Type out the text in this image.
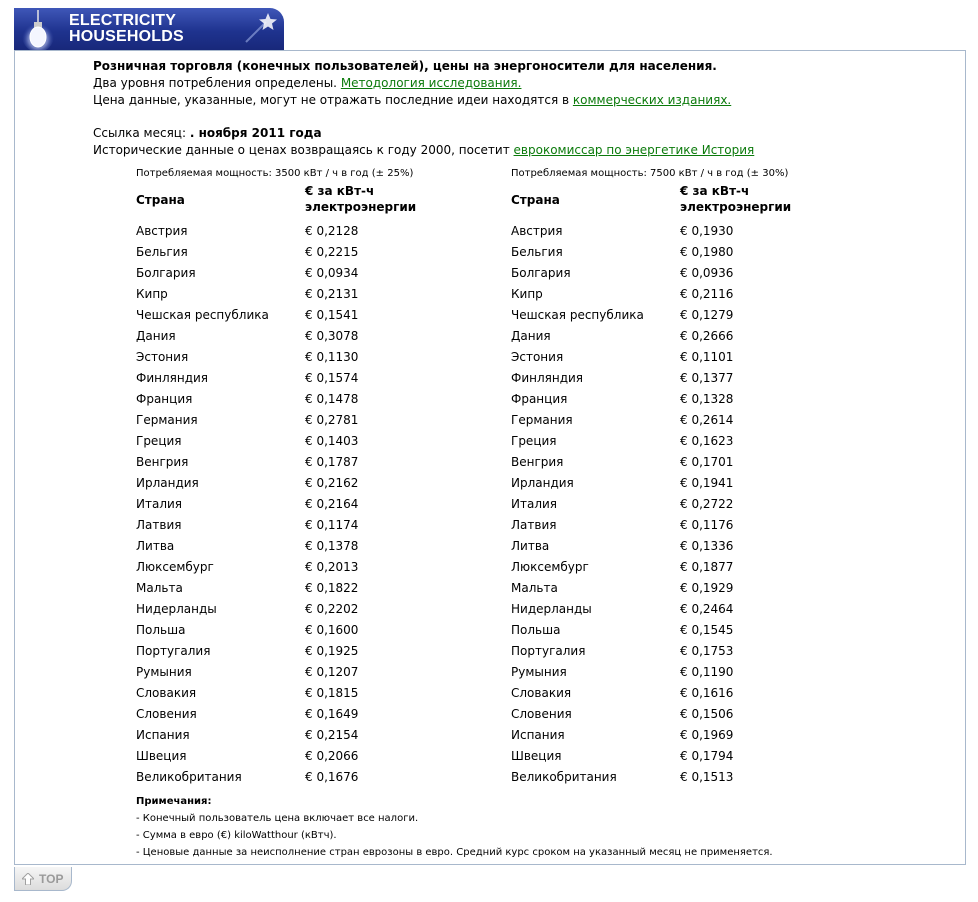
ELECTRICITY
HOUSEHOLDS
Розничная торговля (конечных пользователей), цены на энергоносители для населения.
Два уровня потребления определены. Методология исследования.
Цена данные, указанные, могут не отражать последние идеи находятся в коммерческих изданиях.
Ссылка месяц: . ноября 2011 года
Исторические данные о ценах возвращаясь к году 2000, посетит еврокомиссар по энергетике История
Потребляемая мощность: 3500 кВт / ч в год (± 25%)
Страна
€ за кВт-ч
электроэнергии
Австрия	€ 0,2128
Бельгия	€ 0,2215
Болгария	€ 0,0934
Кипр	€ 0,2131
Чешская республика	€ 0,1541
Дания	€ 0,3078
Эстония	€ 0,1130
Финляндия	€ 0,1574
Франция	€ 0,1478
Германия	€ 0,2781
Греция	€ 0,1403
Венгрия	€ 0,1787
Ирландия	€ 0,2162
Италия	€ 0,2164
Латвия	€ 0,1174
Литва	€ 0,1378
Люксембург	€ 0,2013
Мальта	€ 0,1822
Нидерланды	€ 0,2202
Польша	€ 0,1600
Португалия	€ 0,1925
Румыния	€ 0,1207
Словакия	€ 0,1815
Словения	€ 0,1649
Испания	€ 0,2154
Швеция	€ 0,2066
Великобритания	€ 0,1676
Потребляемая мощность: 7500 кВт / ч в год (± 30%)
Страна
€ за кВт-ч
электроэнергии
Австрия	€ 0,1930
Бельгия	€ 0,1980
Болгария	€ 0,0936
Кипр	€ 0,2116
Чешская республика	€ 0,1279
Дания	€ 0,2666
Эстония	€ 0,1101
Финляндия	€ 0,1377
Франция	€ 0,1328
Германия	€ 0,2614
Греция	€ 0,1623
Венгрия	€ 0,1701
Ирландия	€ 0,1941
Италия	€ 0,2722
Латвия	€ 0,1176
Литва	€ 0,1336
Люксембург	€ 0,1877
Мальта	€ 0,1929
Нидерланды	€ 0,2464
Польша	€ 0,1545
Португалия	€ 0,1753
Румыния	€ 0,1190
Словакия	€ 0,1616
Словения	€ 0,1506
Испания	€ 0,1969
Швеция	€ 0,1794
Великобритания	€ 0,1513
Примечания:
- Конечный пользователь цена включает все налоги.
- Сумма в евро (€) kiloWatthour (кВтч).
- Ценовые данные за неисполнение стран еврозоны в евро. Средний курс сроком на указанный месяц не применяется.
TOP
